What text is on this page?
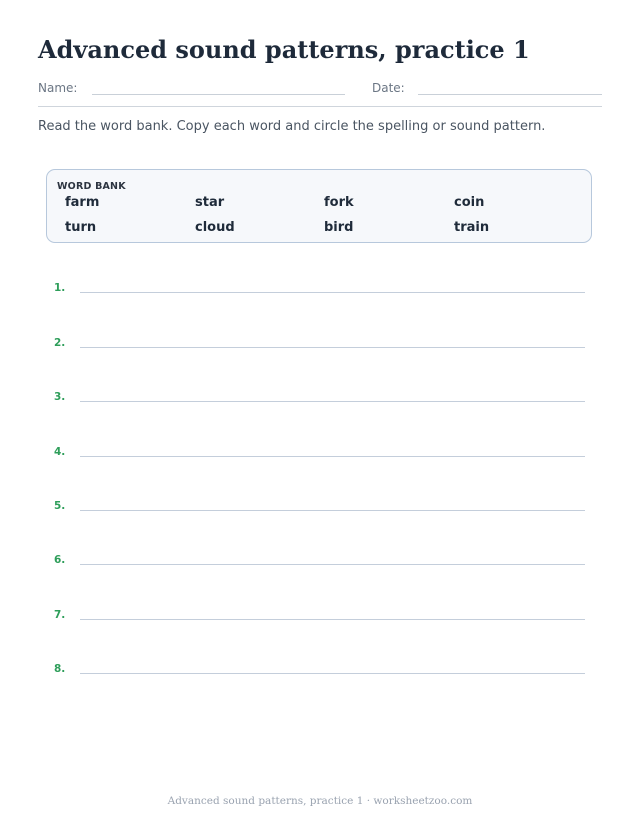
Advanced sound patterns, practice 1
Name:	Date:
Read the word bank. Copy each word and circle the spelling or sound pattern.
WORD BANK
farm	star	fork	coin
turn	cloud	bird	train
1.
2.
3.
4.
5.
6.
7.
8.
Advanced sound patterns, practice 1 · worksheetzoo.com
